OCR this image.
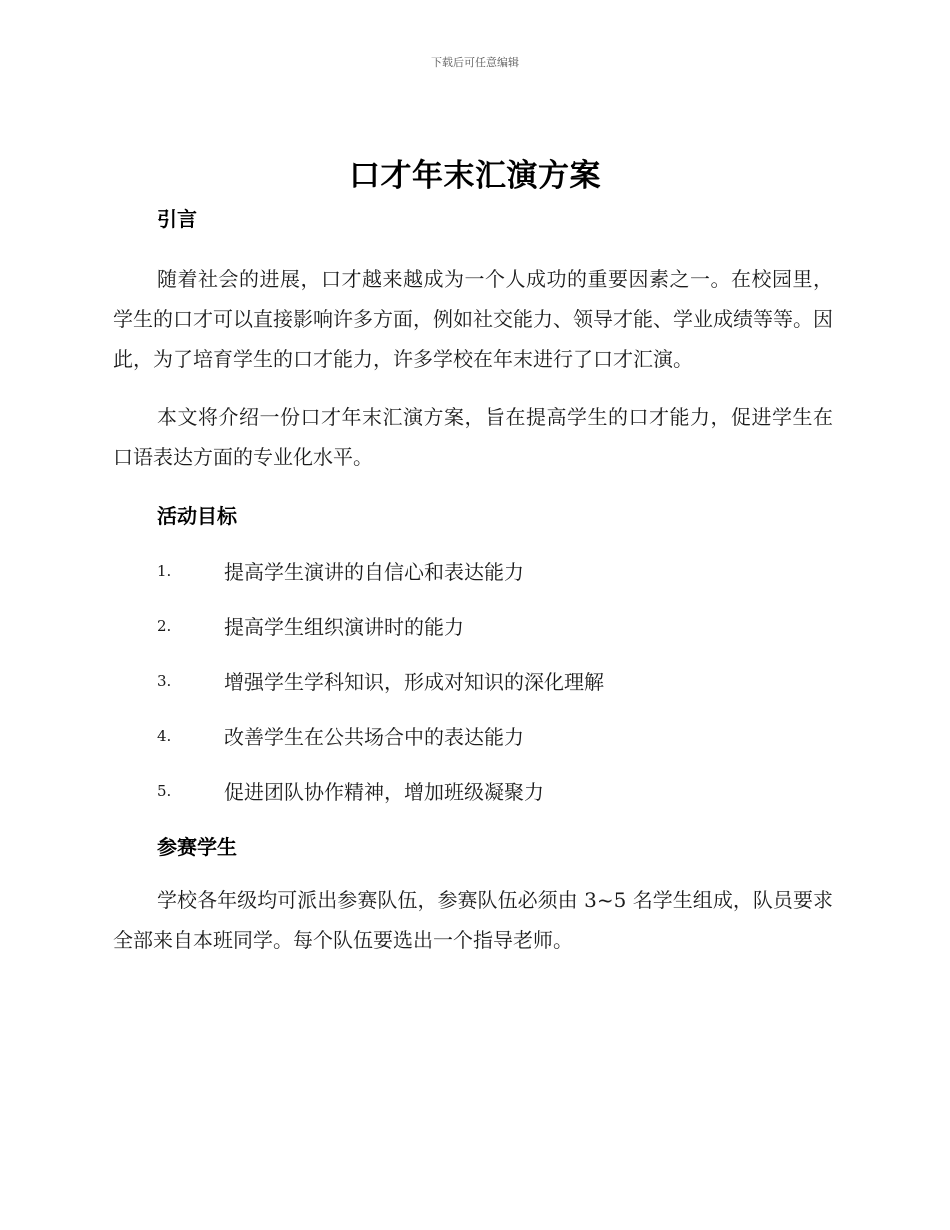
下载后可任意编辑
口才年末汇演方案
引言

随着社会的进展，口才越来越成为一个人成功的重要因素之一。在校园里，学生的口才可以直接影响许多方面，例如社交能力、领导才能、学业成绩等等。因此，为了培育学生的口才能力，许多学校在年末进行了口才汇演。

本文将介绍一份口才年末汇演方案，旨在提高学生的口才能力，促进学生在口语表达方面的专业化水平。

活动目标
1.	提高学生演讲的自信心和表达能力
2.	提高学生组织演讲时的能力
3.	增强学生学科知识，形成对知识的深化理解
4.	改善学生在公共场合中的表达能力
5.	促进团队协作精神，增加班级凝聚力
参赛学生

学校各年级均可派出参赛队伍，参赛队伍必须由 3~5 名学生组成，队员要求全部来自本班同学。每个队伍要选出一个指导老师。
